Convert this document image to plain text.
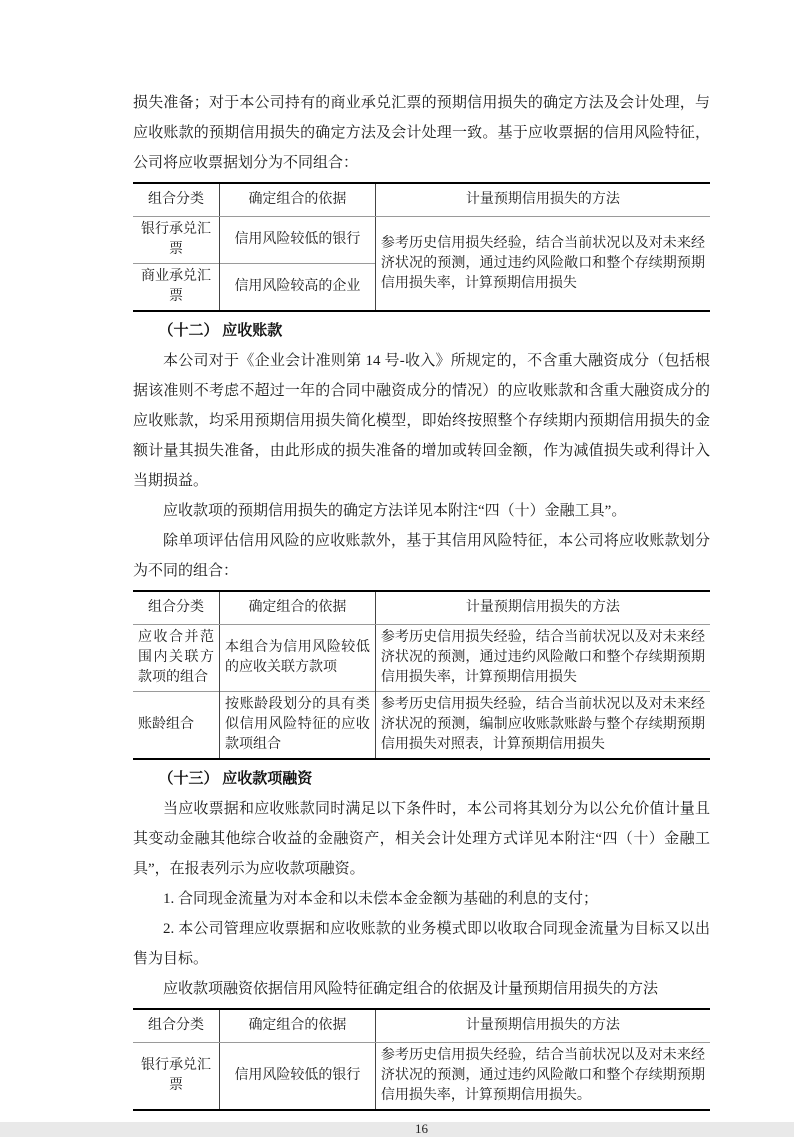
损失准备；对于本公司持有的商业承兑汇票的预期信用损失的确定方法及会计处理，与应收账款的预期信用损失的确定方法及会计处理一致。基于应收票据的信用风险特征，公司将应收票据划分为不同组合：

组合分类	确定组合的依据	计量预期信用损失的方法
银行承兑汇票	信用风险较低的银行	参考历史信用损失经验，结合当前状况以及对未来经济状况的预测，通过违约风险敞口和整个存续期预期信用损失率，计算预期信用损失
商业承兑汇票	信用风险较高的企业	
（十二） 应收账款

本公司对于《企业会计准则第 14 号-收入》所规定的，不含重大融资成分（包括根据该准则不考虑不超过一年的合同中融资成分的情况）的应收账款和含重大融资成分的应收账款，均采用预期信用损失简化模型，即始终按照整个存续期内预期信用损失的金额计量其损失准备，由此形成的损失准备的增加或转回金额，作为减值损失或利得计入当期损益。

应收款项的预期信用损失的确定方法详见本附注“四（十）金融工具”。

除单项评估信用风险的应收账款外，基于其信用风险特征，本公司将应收账款划分为不同的组合：

组合分类	确定组合的依据	计量预期信用损失的方法
应收合并范围内关联方款项的组合	本组合为信用风险较低的应收关联方款项	参考历史信用损失经验，结合当前状况以及对未来经济状况的预测，通过违约风险敞口和整个存续期预期信用损失率，计算预期信用损失
账龄组合	按账龄段划分的具有类似信用风险特征的应收款项组合	参考历史信用损失经验，结合当前状况以及对未来经济状况的预测，编制应收账款账龄与整个存续期预期信用损失对照表，计算预期信用损失
（十三） 应收款项融资

当应收票据和应收账款同时满足以下条件时，本公司将其划分为以公允价值计量且其变动金融其他综合收益的金融资产，相关会计处理方式详见本附注“四（十）金融工具”，在报表列示为应收款项融资。

1. 合同现金流量为对本金和以未偿本金金额为基础的利息的支付；

2. 本公司管理应收票据和应收账款的业务模式即以收取合同现金流量为目标又以出售为目标。

应收款项融资依据信用风险特征确定组合的依据及计量预期信用损失的方法

组合分类	确定组合的依据	计量预期信用损失的方法
银行承兑汇票	信用风险较低的银行	参考历史信用损失经验，结合当前状况以及对未来经济状况的预测，通过违约风险敞口和整个存续期预期信用损失率，计算预期信用损失。
16
